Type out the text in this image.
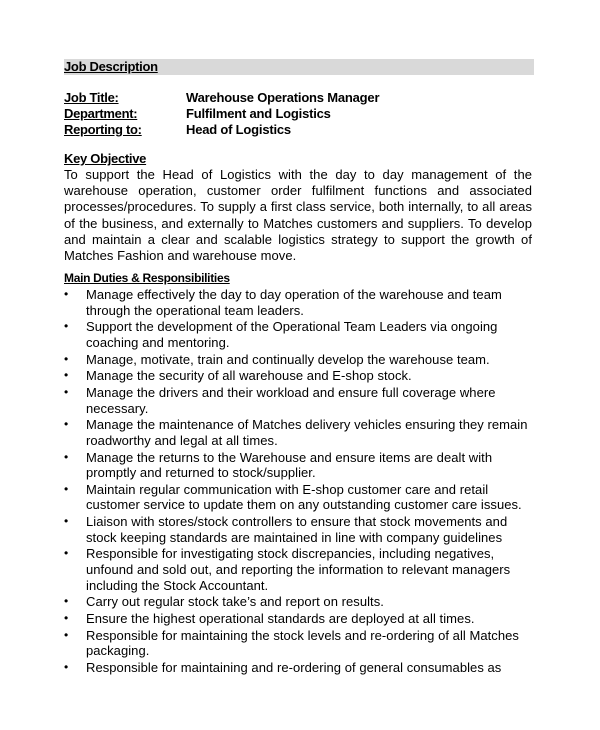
Job Description
Job Title:	Warehouse Operations Manager
Department:	Fulfilment and Logistics
Reporting to:	Head of Logistics
Key Objective
To support the Head of Logistics with the day to day management of the warehouse operation, customer order fulfilment functions and associated processes/procedures. To supply a first class service, both internally, to all areas of the business, and externally to Matches customers and suppliers. To develop and maintain a clear and scalable logistics strategy to support the growth of Matches Fashion and warehouse move.
Main Duties & Responsibilities
•	Manage effectively the day to day operation of the warehouse and team through the operational team leaders.
•	Support the development of the Operational Team Leaders via ongoing coaching and mentoring.
•	Manage, motivate, train and continually develop the warehouse team.
•	Manage the security of all warehouse and E-shop stock.
•	Manage the drivers and their workload and ensure full coverage where necessary.
•	Manage the maintenance of Matches delivery vehicles ensuring they remain roadworthy and legal at all times.
•	Manage the returns to the Warehouse and ensure items are dealt with promptly and returned to stock/supplier.
•	Maintain regular communication with E-shop customer care and retail customer service to update them on any outstanding customer care issues.
•	Liaison with stores/stock controllers to ensure that stock movements and stock keeping standards are maintained in line with company guidelines
•	Responsible for investigating stock discrepancies, including negatives, unfound and sold out, and reporting the information to relevant managers including the Stock Accountant.
•	Carry out regular stock take’s and report on results.
•	Ensure the highest operational standards are deployed at all times.
•	Responsible for maintaining the stock levels and re-ordering of all Matches packaging.
•	Responsible for maintaining and re-ordering of general consumables as
